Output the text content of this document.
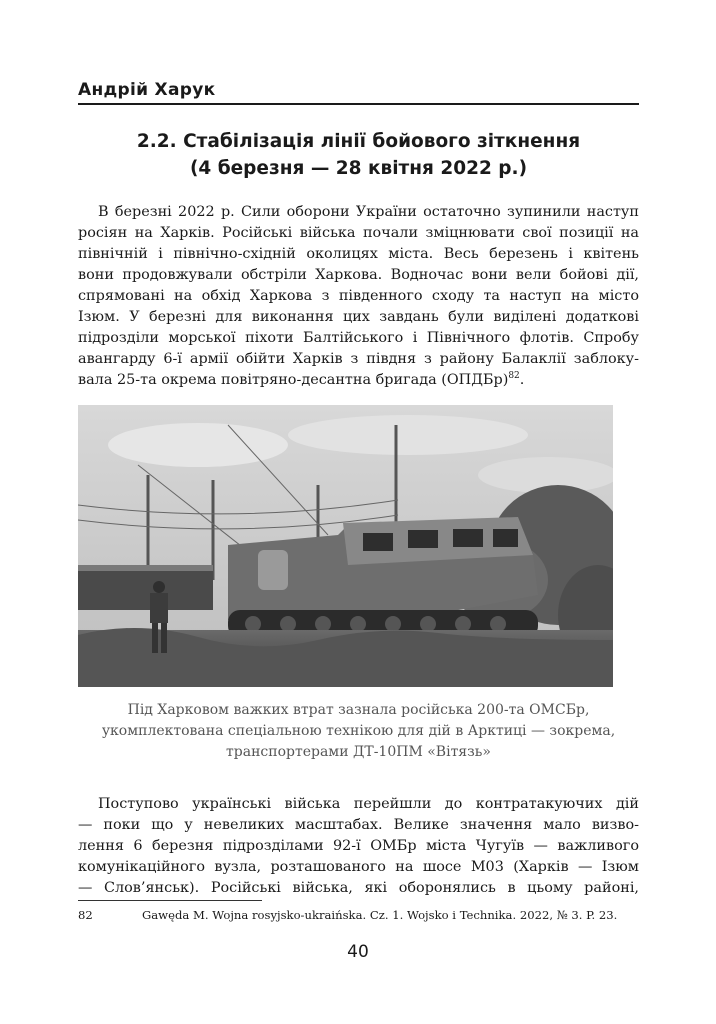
Андрій Харук
2.2. Стабілізація лінії бойового зіткнення
(4 березня — 28 квітня 2022 р.)
В березні 2022 р. Сили оборони України остаточно зупинили наступ
росіян на Харків. Російські війська почали зміцнювати свої позиції на
північній і північно-східній околицях міста. Весь березень і квітень
вони продовжували обстріли Харкова. Водночас вони вели бойові дії,
спрямовані на обхід Харкова з південного сходу та наступ на місто
Ізюм. У березні для виконання цих завдань були виділені додаткові
підрозділи морської піхоти Балтійського і Північного флотів. Спробу
авангарду 6-ї армії обійти Харків з півдня з району Балаклії заблоку-
вала 25-та окрема повітряно-десантна бригада (ОПДБр)$^{82}$.
Під Харковом важких втрат зазнала російська 200-та ОМСБр,
укомплектована спеціальною технікою для дій в Арктиці — зокрема,
транспортерами ДТ-10ПМ «Вітязь»
Поступово українські війська перейшли до контратакуючих дій
— поки що у невеликих масштабах. Велике значення мало визво-
лення 6 березня підрозділами 92-ї ОМБр міста Чугуїв — важливого
комунікаційного вузла, розташованого на шосе М03 (Харків — Ізюм
— Слов’янськ). Російські війська, які оборонялись в цьому районі,
82	Gawęda M. Wojna rosyjsko-ukraińska. Cz. 1. Wojsko i Technika. 2022, № 3. P. 23.
40
